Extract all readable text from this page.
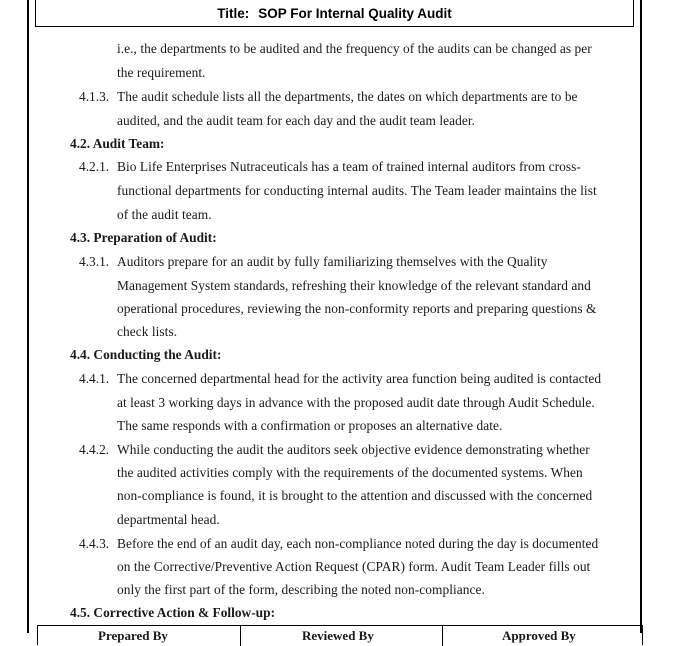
Title: SOP For Internal Quality Audit
i.e., the departments to be audited and the frequency of the audits can be changed as per
the requirement.
4.1.3. The audit schedule lists all the departments, the dates on which departments are to be
audited, and the audit team for each day and the audit team leader.
4.2. Audit Team:
4.2.1. Bio Life Enterprises Nutraceuticals has a team of trained internal auditors from cross-
functional departments for conducting internal audits. The Team leader maintains the list
of the audit team.
4.3. Preparation of Audit:
4.3.1. Auditors prepare for an audit by fully familiarizing themselves with the Quality
Management System standards, refreshing their knowledge of the relevant standard and
operational procedures, reviewing the non-conformity reports and preparing questions &
check lists.
4.4. Conducting the Audit:
4.4.1. The concerned departmental head for the activity area function being audited is contacted
at least 3 working days in advance with the proposed audit date through Audit Schedule.
The same responds with a confirmation or proposes an alternative date.
4.4.2. While conducting the audit the auditors seek objective evidence demonstrating whether
the audited activities comply with the requirements of the documented systems. When
non-compliance is found, it is brought to the attention and discussed with the concerned
departmental head.
4.4.3. Before the end of an audit day, each non-compliance noted during the day is documented
on the Corrective/Preventive Action Request (CPAR) form. Audit Team Leader fills out
only the first part of the form, describing the noted non-compliance.
4.5. Corrective Action & Follow-up:
Prepared By	Reviewed By	Approved By
